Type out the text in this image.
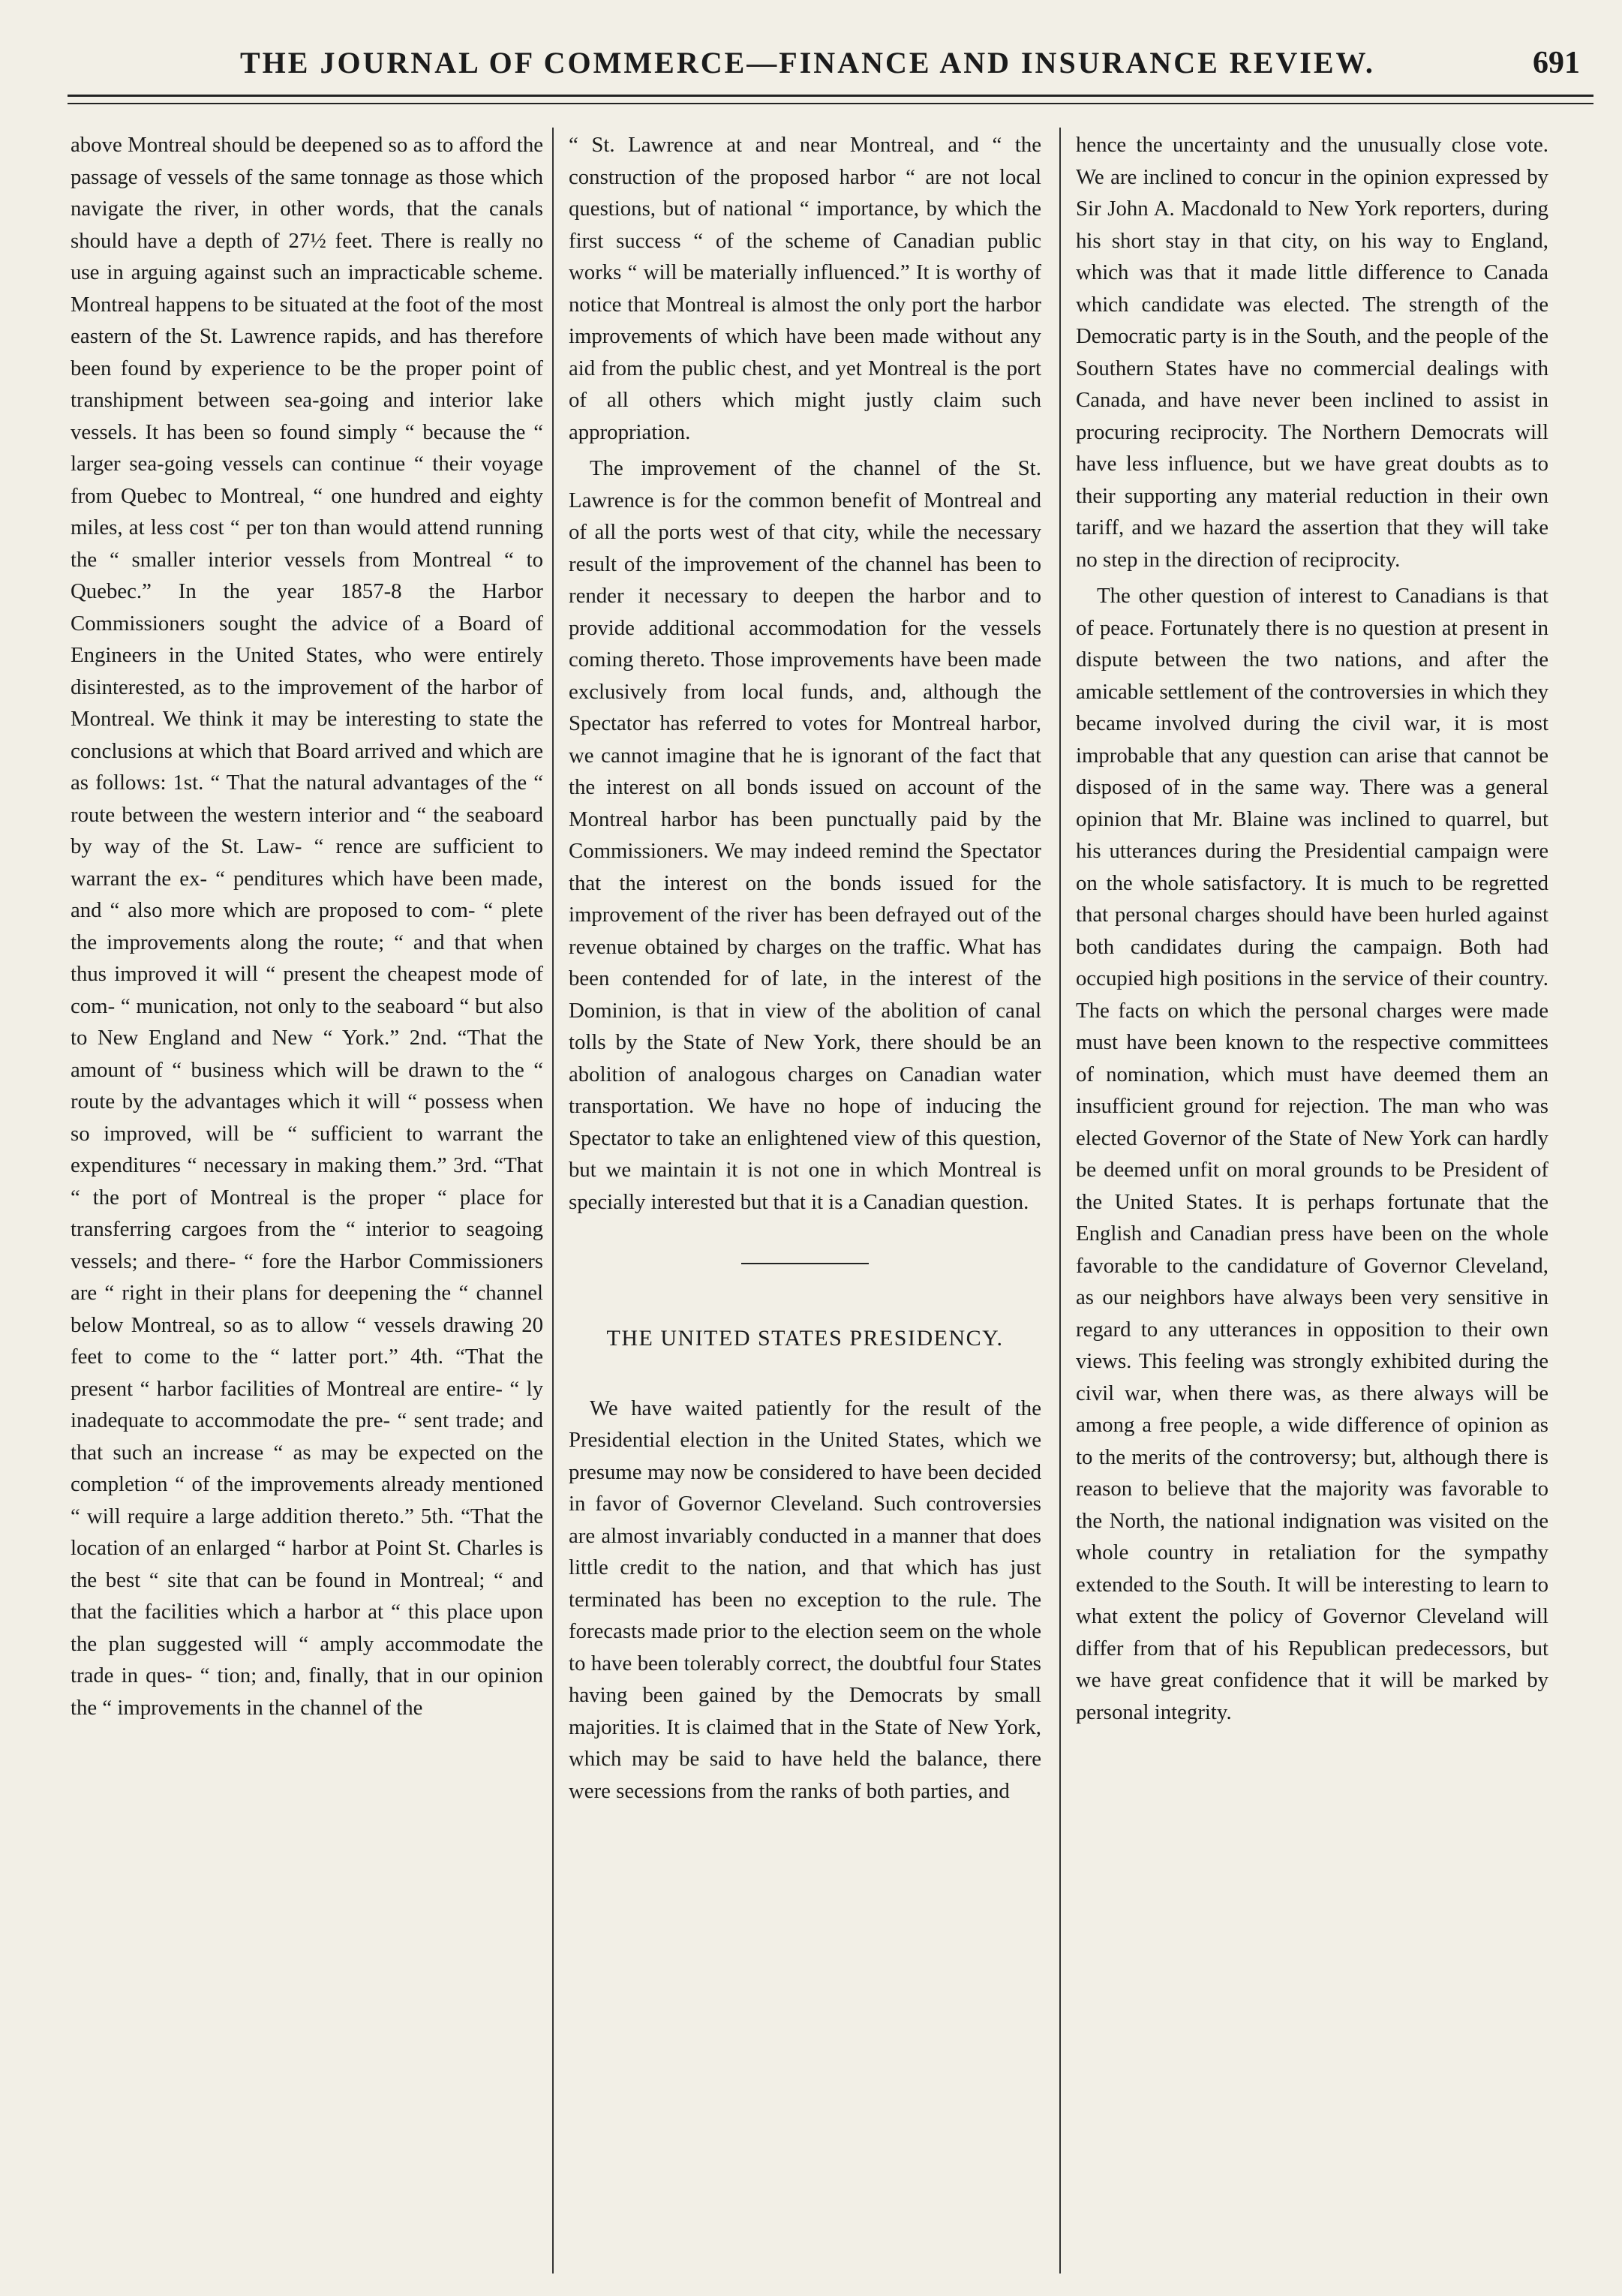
THE JOURNAL OF COMMERCE—FINANCE AND INSURANCE REVIEW.	691

above Montreal should be deepened so as to afford the passage of vessels of the same tonnage as those which navigate the river, in other words, that the canals should have a depth of 27½ feet. There is really no use in arguing against such an impracticable scheme. Montreal happens to be situated at the foot of the most eastern of the St. Lawrence rapids, and has therefore been found by experience to be the proper point of transhipment between sea-going and interior lake vessels. It has been so found simply “ because the “ larger sea-going vessels can continue “ their voyage from Quebec to Montreal, “ one hundred and eighty miles, at less cost “ per ton than would attend running the “ smaller interior vessels from Montreal “ to Quebec.” In the year 1857-8 the Harbor Commissioners sought the advice of a Board of Engineers in the United States, who were entirely disinterested, as to the improvement of the harbor of Montreal. We think it may be interesting to state the conclusions at which that Board arrived and which are as follows: 1st. “ That the natural advantages of the “ route between the western interior and “ the seaboard by way of the St. Law- “ rence are sufficient to warrant the ex- “ penditures which have been made, and “ also more which are proposed to com- “ plete the improvements along the route; “ and that when thus improved it will “ present the cheapest mode of com- “ munication, not only to the seaboard “ but also to New England and New “ York.” 2nd. “That the amount of “ business which will be drawn to the “ route by the advantages which it will “ possess when so improved, will be “ sufficient to warrant the expenditures “ necessary in making them.” 3rd. “That “ the port of Montreal is the proper “ place for transferring cargoes from the “ interior to seagoing vessels; and there- “ fore the Harbor Commissioners are “ right in their plans for deepening the “ channel below Montreal, so as to allow “ vessels drawing 20 feet to come to the “ latter port.” 4th. “That the present “ harbor facilities of Montreal are entire- “ ly inadequate to accommodate the pre- “ sent trade; and that such an increase “ as may be expected on the completion “ of the improvements already mentioned “ will require a large addition thereto.” 5th. “That the location of an enlarged “ harbor at Point St. Charles is the best “ site that can be found in Montreal; “ and that the facilities which a harbor at “ this place upon the plan suggested will “ amply accommodate the trade in ques- “ tion; and, finally, that in our opinion the “ improvements in the channel of the

“ St. Lawrence at and near Montreal, and “ the construction of the proposed harbor “ are not local questions, but of national “ importance, by which the first success “ of the scheme of Canadian public works “ will be materially influenced.” It is worthy of notice that Montreal is almost the only port the harbor improvements of which have been made without any aid from the public chest, and yet Montreal is the port of all others which might justly claim such appropriation.

The improvement of the channel of the St. Lawrence is for the common benefit of Montreal and of all the ports west of that city, while the necessary result of the improvement of the channel has been to render it necessary to deepen the harbor and to provide additional accommodation for the vessels coming thereto. Those improvements have been made exclusively from local funds, and, although the Spectator has referred to votes for Montreal harbor, we cannot imagine that he is ignorant of the fact that the interest on all bonds issued on account of the Montreal harbor has been punctually paid by the Commissioners. We may indeed remind the Spectator that the interest on the bonds issued for the improvement of the river has been defrayed out of the revenue obtained by charges on the traffic. What has been contended for of late, in the interest of the Dominion, is that in view of the abolition of canal tolls by the State of New York, there should be an abolition of analogous charges on Canadian water transportation. We have no hope of inducing the Spectator to take an enlightened view of this question, but we maintain it is not one in which Montreal is specially interested but that it is a Canadian question.

THE UNITED STATES PRESIDENCY.

We have waited patiently for the result of the Presidential election in the United States, which we presume may now be considered to have been decided in favor of Governor Cleveland. Such controversies are almost invariably conducted in a manner that does little credit to the nation, and that which has just terminated has been no exception to the rule. The forecasts made prior to the election seem on the whole to have been tolerably correct, the doubtful four States having been gained by the Democrats by small majorities. It is claimed that in the State of New York, which may be said to have held the balance, there were secessions from the ranks of both parties, and

hence the uncertainty and the unusually close vote. We are inclined to concur in the opinion expressed by Sir John A. Macdonald to New York reporters, during his short stay in that city, on his way to England, which was that it made little difference to Canada which candidate was elected. The strength of the Democratic party is in the South, and the people of the Southern States have no commercial dealings with Canada, and have never been inclined to assist in procuring reciprocity. The Northern Democrats will have less influence, but we have great doubts as to their supporting any material reduction in their own tariff, and we hazard the assertion that they will take no step in the direction of reciprocity.

The other question of interest to Canadians is that of peace. Fortunately there is no question at present in dispute between the two nations, and after the amicable settlement of the controversies in which they became involved during the civil war, it is most improbable that any question can arise that cannot be disposed of in the same way. There was a general opinion that Mr. Blaine was inclined to quarrel, but his utterances during the Presidential campaign were on the whole satisfactory. It is much to be regretted that personal charges should have been hurled against both candidates during the campaign. Both had occupied high positions in the service of their country. The facts on which the personal charges were made must have been known to the respective committees of nomination, which must have deemed them an insufficient ground for rejection. The man who was elected Governor of the State of New York can hardly be deemed unfit on moral grounds to be President of the United States. It is perhaps fortunate that the English and Canadian press have been on the whole favorable to the candidature of Governor Cleveland, as our neighbors have always been very sensitive in regard to any utterances in opposition to their own views. This feeling was strongly exhibited during the civil war, when there was, as there always will be among a free people, a wide difference of opinion as to the merits of the controversy; but, although there is reason to believe that the majority was favorable to the North, the national indignation was visited on the whole country in retaliation for the sympathy extended to the South. It will be interesting to learn to what extent the policy of Governor Cleveland will differ from that of his Republican predecessors, but we have great confidence that it will be marked by personal integrity.
